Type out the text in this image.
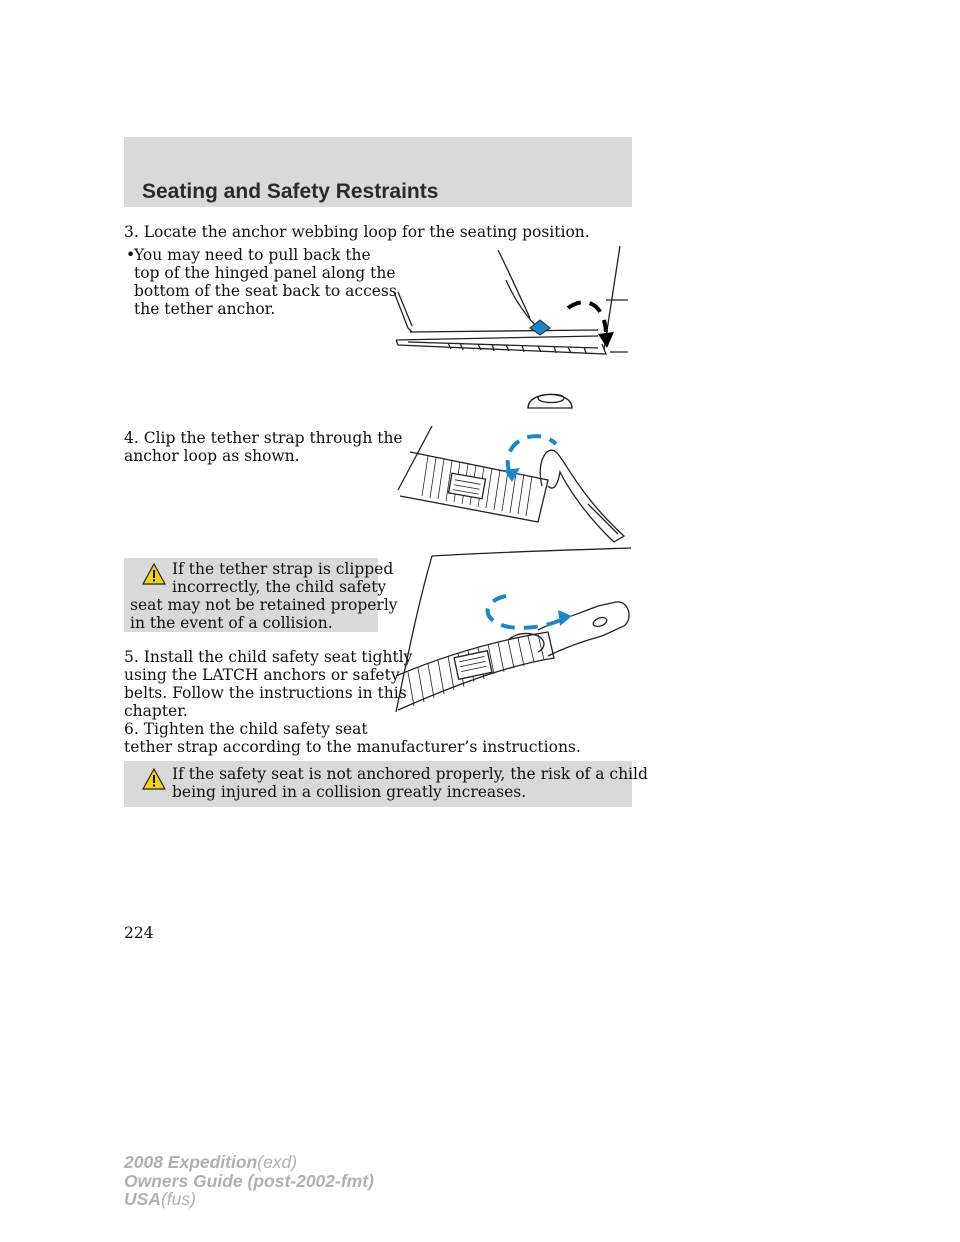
Seating and Safety Restraints

3. Locate the anchor webbing loop for the seating position.

•

You may need to pull back the

top of the hinged panel along the

bottom of the seat back to access

the tether anchor.

4. Clip the tether strap through the

anchor loop as shown.

If the tether strap is clipped

incorrectly, the child safety

seat may not be retained properly

in the event of a collision.

5. Install the child safety seat tightly

using the LATCH anchors or safety

belts. Follow the instructions in this

chapter.

6. Tighten the child safety seat

tether strap according to the manufacturer’s instructions.

If the safety seat is not anchored properly, the risk of a child

being injured in a collision greatly increases.

224
2008 Expedition(exd)
Owners Guide (post-2002-fmt)
USA(fus)
